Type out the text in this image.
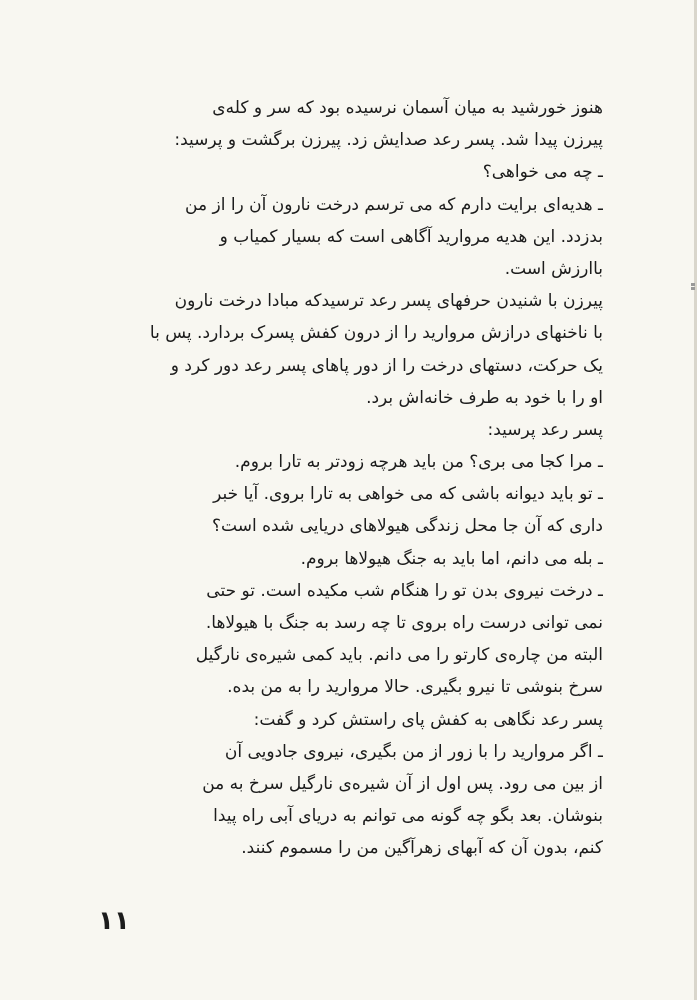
هنوز خورشید به میان آسمان نرسیده بود که سر و کله‌ی
پیرزن پیدا شد. پسر رعد صدایش زد. پیرزن برگشت و پرسید:
ـ چه می خواهی؟
ـ هدیه‌ای برایت دارم که می ترسم درخت نارون آن را از من
بدزدد. این هدیه مروارید آگاهی است که بسیار کمیاب و
باارزش است.
پیرزن با شنیدن حرفهای پسر رعد ترسیدکه مبادا درخت نارون
با ناخنهای درازش مروارید را از درون کفش پسرک بردارد. پس با
یک حرکت، دستهای درخت را از دور پاهای پسر رعد دور کرد و
او را با خود به طرف خانه‌اش برد.
پسر رعد پرسید:
ـ مرا کجا می بری؟ من باید هرچه زودتر به تارا بروم.
ـ تو باید دیوانه باشی که می خواهی به تارا بروی. آیا خبر
داری که آن جا محل زندگی هیولاهای دریایی شده است؟
ـ بله می دانم، اما باید به جنگ هیولاها بروم.
ـ درخت نیروی بدن تو را هنگام شب مکیده است. تو حتی
نمی توانی درست راه بروی تا چه رسد به جنگ با هیولاها.
البته من چاره‌ی کارتو را می دانم. باید کمی شیره‌ی نارگیل
سرخ بنوشی تا نیرو بگیری. حالا مروارید را به من بده.
پسر رعد نگاهی به کفش پای راستش کرد و گفت:
ـ اگر مروارید را با زور از من بگیری، نیروی جادویی آن
از بین می رود. پس اول از آن شیره‌ی نارگیل سرخ به من
بنوشان. بعد بگو چه گونه می توانم به دریای آبی راه پیدا
کنم، بدون آن که آبهای زهرآگین من را مسموم کنند.
۱۱
